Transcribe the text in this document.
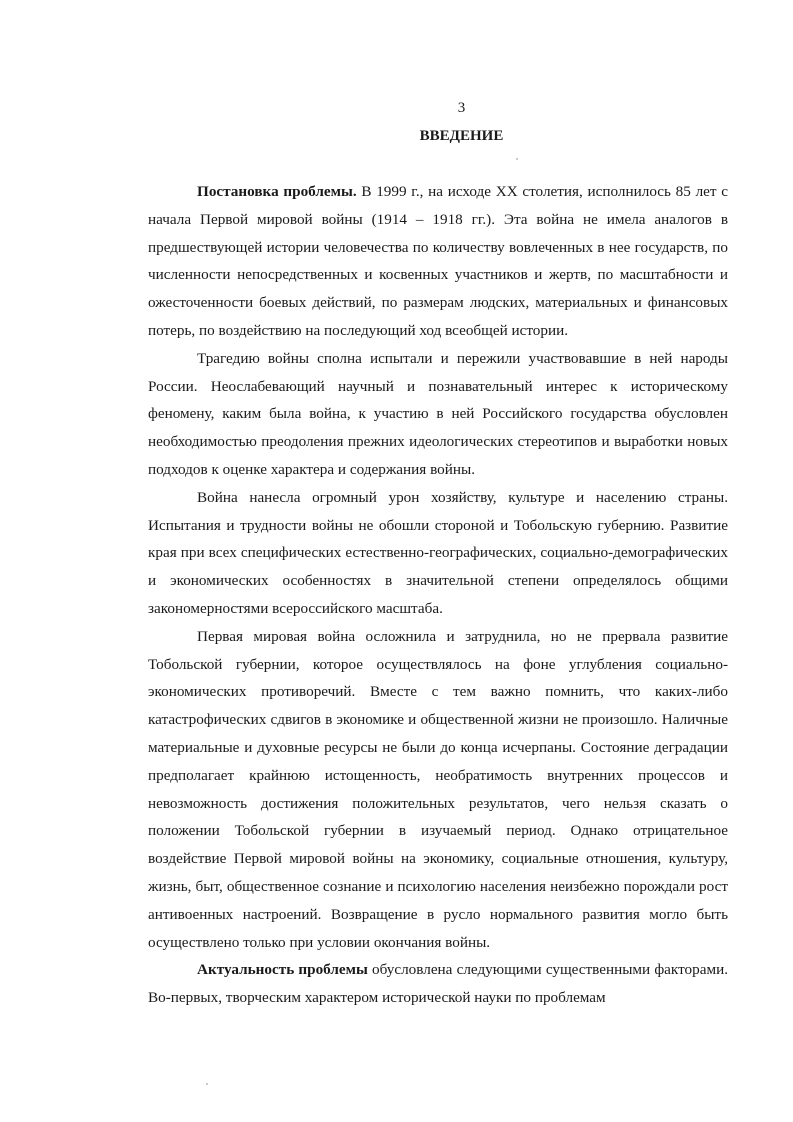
3
ВВЕДЕНИЕ

Постановка проблемы. В 1999 г., на исходе XX столетия, исполнилось 85 лет с начала Первой мировой войны (1914 – 1918 гг.). Эта война не имела аналогов в предшествующей истории человечества по количеству вовлеченных в нее государств, по численности непосредственных и косвенных участников и жертв, по масштабности и ожесточенности боевых действий, по размерам людских, материальных и финансовых потерь, по воздействию на последующий ход всеобщей истории.

Трагедию войны сполна испытали и пережили участвовавшие в ней народы России. Неослабевающий научный и познавательный интерес к историческому феномену, каким была война, к участию в ней Российского государства обусловлен необходимостью преодоления прежних идеологических стереотипов и выработки новых подходов к оценке характера и содержания войны.

Война нанесла огромный урон хозяйству, культуре и населению страны. Испытания и трудности войны не обошли стороной и Тобольскую губернию. Развитие края при всех специфических естественно-географических, социально-демографических и экономических особенностях в значительной степени определялось общими закономерностями всероссийского масштаба.

Первая мировая война осложнила и затруднила, но не прервала развитие Тобольской губернии, которое осуществлялось на фоне углубления социально-экономических противоречий. Вместе с тем важно помнить, что каких-либо катастрофических сдвигов в экономике и общественной жизни не произошло. Наличные материальные и духовные ресурсы не были до конца исчерпаны. Состояние деградации предполагает крайнюю истощенность, необратимость внутренних процессов и невозможность достижения положительных результатов, чего нельзя сказать о положении Тобольской губернии в изучаемый период. Однако отрицательное воздействие Первой мировой войны на экономику, социальные отношения, культуру, жизнь, быт, общественное сознание и психологию населения неизбежно порождали рост антивоенных настроений. Возвращение в русло нормального развития могло быть осуществлено только при условии окончания войны.

Актуальность проблемы обусловлена следующими существенными факторами. Во-первых, творческим характером исторической науки по проблемам
